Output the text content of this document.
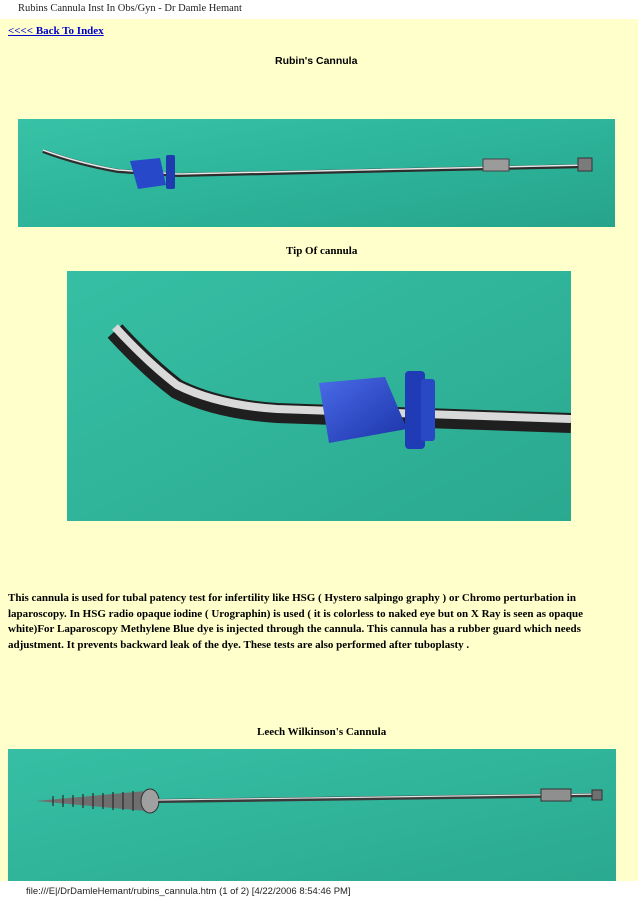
Rubins Cannula Inst In Obs/Gyn - Dr Damle Hemant
<<<< Back To Index
Rubin's Cannula
Tip Of cannula
This cannula is used for tubal patency test for infertility like HSG ( Hystero salpingo graphy ) or Chromo perturbation in laparoscopy. In HSG radio opaque iodine ( Urographin) is used ( it is colorless to naked eye but on X Ray is seen as opaque white)For Laparoscopy Methylene Blue dye is injected through the cannula. This cannula has a rubber guard which needs adjustment. It prevents backward leak of the dye. These tests are also performed after tuboplasty .
Leech Wilkinson's Cannula
file:///E|/DrDamleHemant/rubins_cannula.htm (1 of 2) [4/22/2006 8:54:46 PM]
